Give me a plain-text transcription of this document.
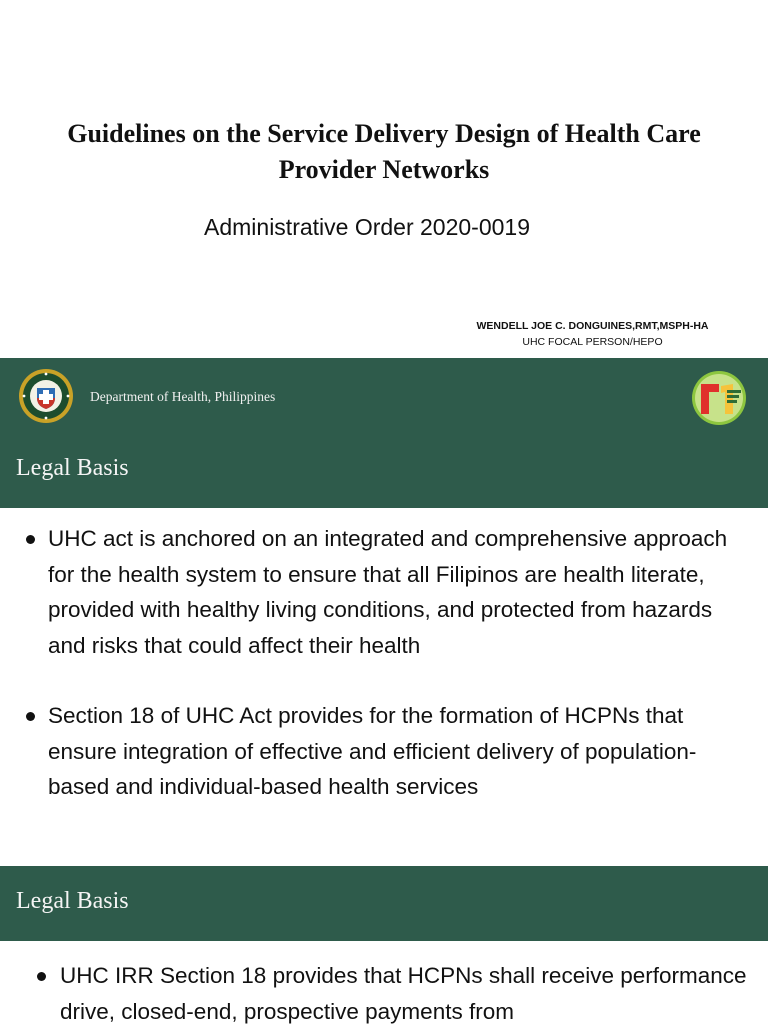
Guidelines on the Service Delivery Design of Health Care
Provider Networks
Administrative Order 2020-0019
WENDELL JOE C. DONGUINES,RMT,MSPH-HA
UHC FOCAL PERSON/HEPO
Department of Health, Philippines
Legal Basis
UHC act is anchored on an integrated and comprehensive approach for the health system to ensure that all Filipinos are health literate, provided with healthy living conditions, and protected from hazards and risks that could affect their health
Section 18 of UHC Act provides for the formation of HCPNs that ensure integration of effective and efficient delivery of population-based and individual-based health services
Legal Basis
UHC IRR Section 18 provides that HCPNs shall receive performance drive, closed-end, prospective payments from
